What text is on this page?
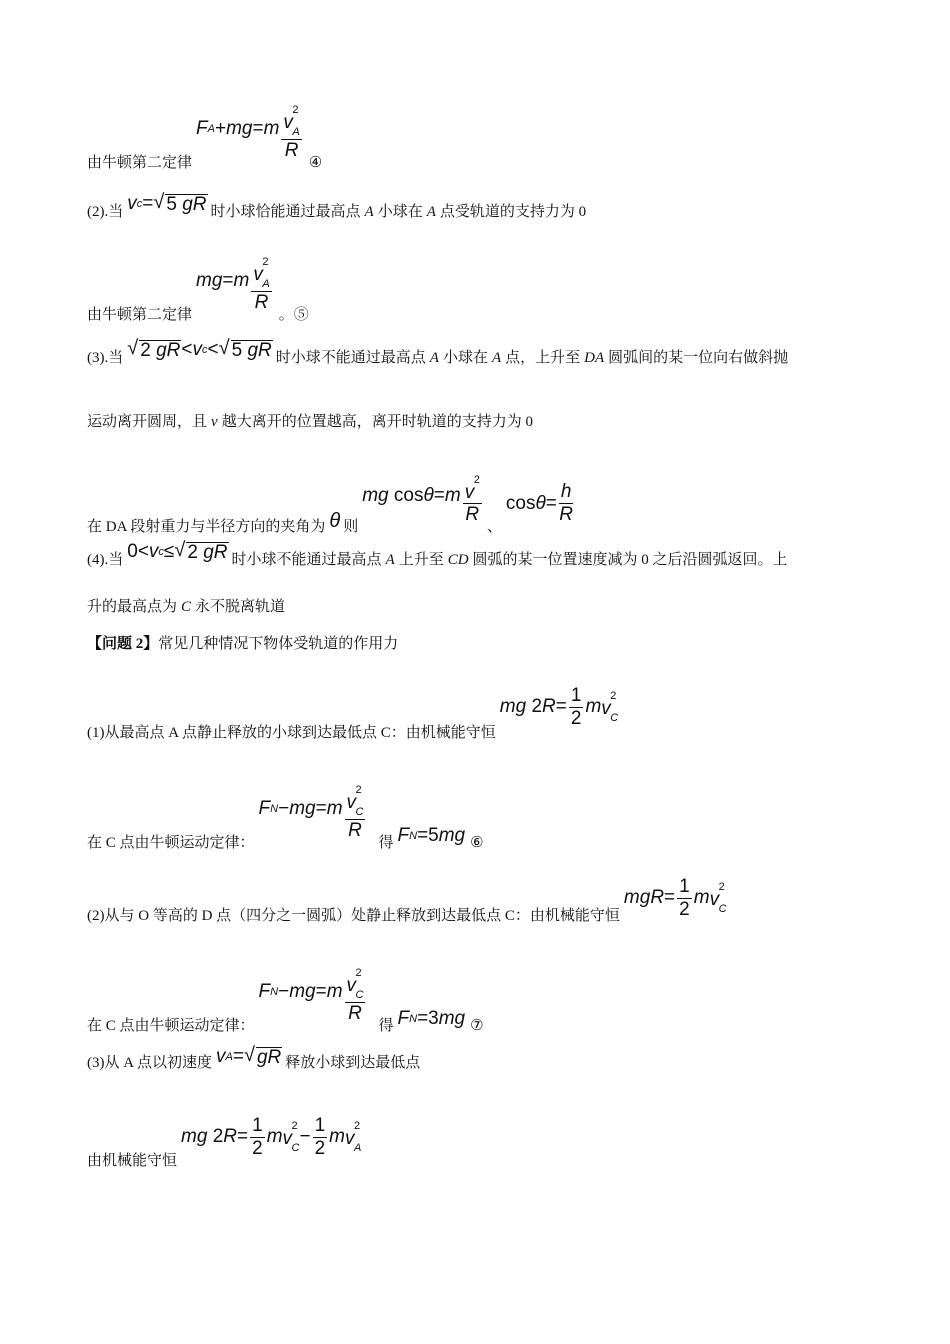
由牛顿第二定律
F A + mg = m 2
v A
R
④
(2).当 v c = √ 5 gR 时小球恰能通过最高点 A 小球在 A 点受轨道的支持力为 0
由牛顿第二定律
mg = m 2
v A
R
。⑤
(3).当 √ 2 gR < v c < √ 5 gR 时小球不能通过最高点 A 小球在 A 点，上升至 DA 圆弧间的某一位向右做斜抛
运动离开圆周，且 v 越大离开的位置越高，离开时轨道的支持力为 0
在 DA 段射重力与半径方向的夹角为 θ 则
mg cos θ = m 2
v
R
、
$\cos \theta = \frac{h}{R}$
(4).当 0< v c ≤ √ 2 gR 时小球不能通过最高点 A 上升至 CD 圆弧的某一位置速度减为 0 之后沿圆弧返回。上
升的最高点为 C 永不脱离轨道
【问题 2】 常见几种情况下物体受轨道的作用力
(1)从最高点 A 点静止释放的小球到达最低点 C：由机械能守恒
mg 2 $R = \frac{1}{2}$ m
2
v C
在 C 点由牛顿运动定律：
F N − mg = m 2
v C
R
得 F N =5 mg ⑥
(2)从与 O 等高的 D 点（四分之一圆弧）处静止释放到达最低点 C：由机械能守恒
mgR = $\frac{1}{2}$ m
2
v C
在 C 点由牛顿运动定律：
F N − mg = m 2
v C
R
得 F N =3 mg ⑦
(3)从 A 点以初速度 v A = √ gR 释放小球到达最低点
由机械能守恒
mg 2 $R = \frac{1}{2}$ m
2
v C
− $\frac{1}{2}$ m
2
v A
